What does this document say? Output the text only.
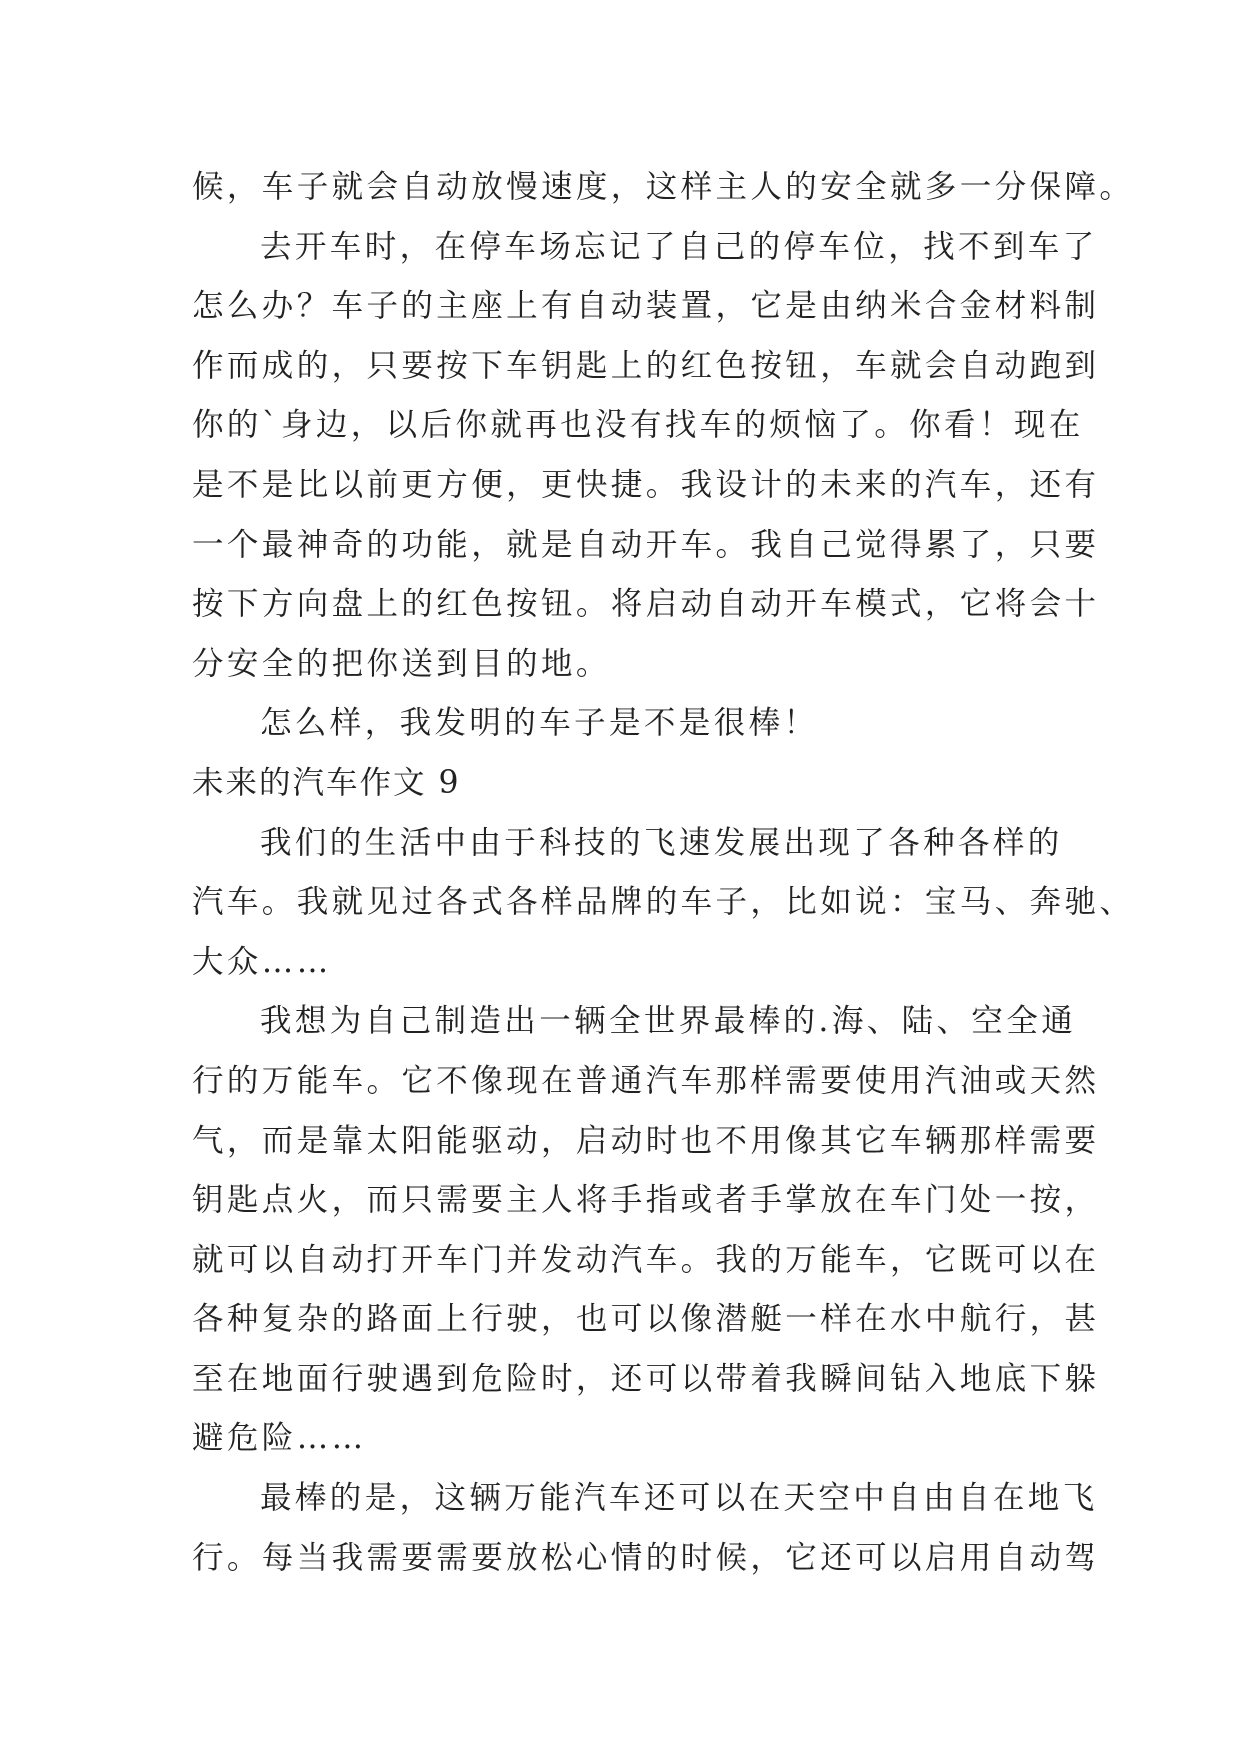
候，车子就会自动放慢速度，这样主人的安全就多一分保障。
去开车时，在停车场忘记了自己的停车位，找不到车了
怎么办？车子的主座上有自动装置，它是由纳米合金材料制
作而成的，只要按下车钥匙上的红色按钮，车就会自动跑到
你的`身边，以后你就再也没有找车的烦恼了。你看！现在
是不是比以前更方便，更快捷。我设计的未来的汽车，还有
一个最神奇的功能，就是自动开车。我自己觉得累了，只要
按下方向盘上的红色按钮。将启动自动开车模式，它将会十
分安全的把你送到目的地。
怎么样，我发明的车子是不是很棒！
未来的汽车作文 9
我们的生活中由于科技的飞速发展出现了各种各样的
汽车。我就见过各式各样品牌的车子，比如说：宝马、奔驰、
大众……
我想为自己制造出一辆全世界最棒的.海、陆、空全通
行的万能车。它不像现在普通汽车那样需要使用汽油或天然
气，而是靠太阳能驱动，启动时也不用像其它车辆那样需要
钥匙点火，而只需要主人将手指或者手掌放在车门处一按，
就可以自动打开车门并发动汽车。我的万能车，它既可以在
各种复杂的路面上行驶，也可以像潜艇一样在水中航行，甚
至在地面行驶遇到危险时，还可以带着我瞬间钻入地底下躲
避危险……
最棒的是，这辆万能汽车还可以在天空中自由自在地飞
行。每当我需要需要放松心情的时候，它还可以启用自动驾
